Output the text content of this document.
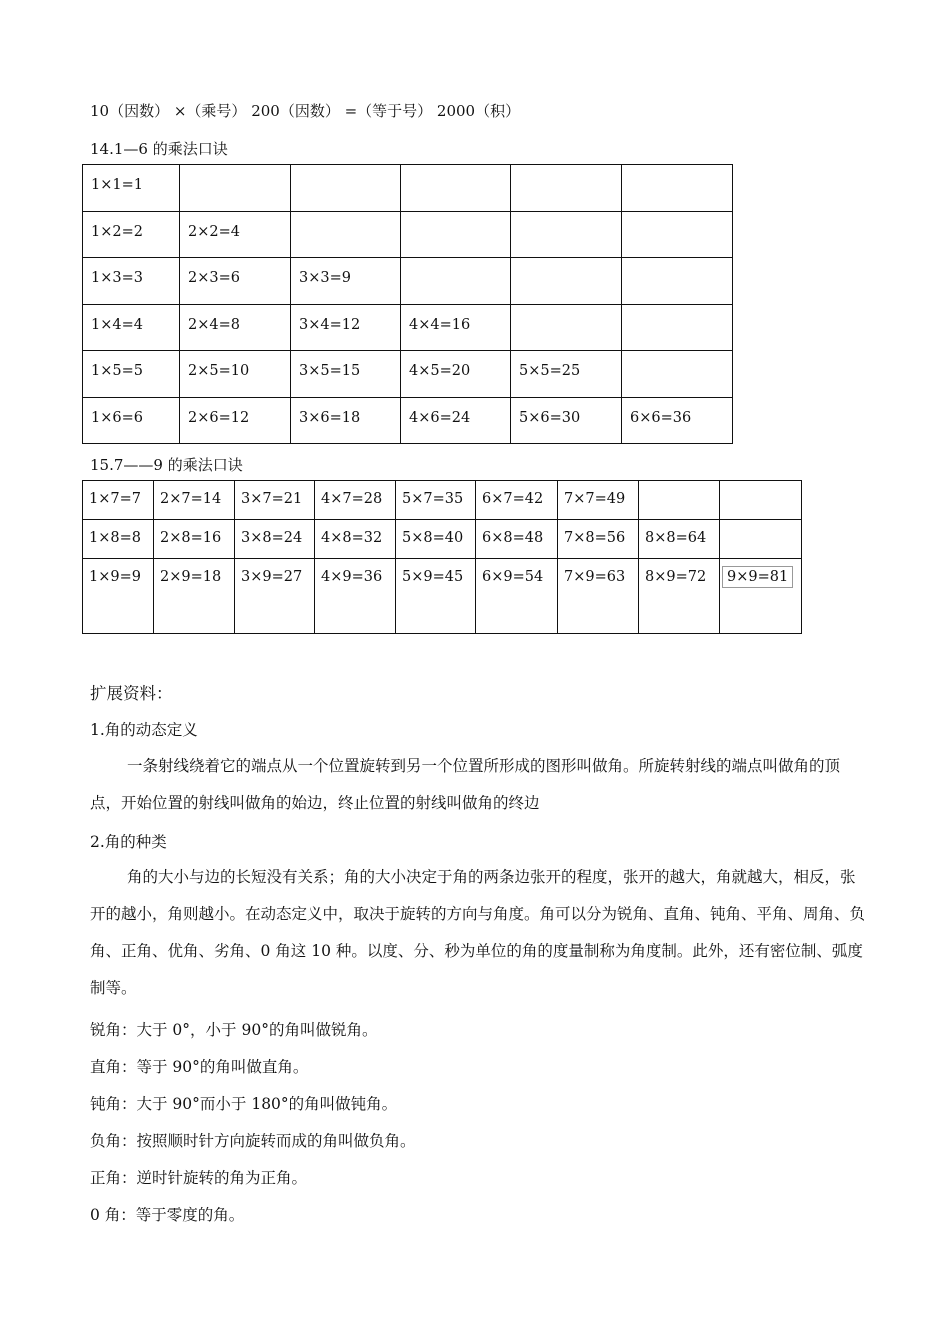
10（因数） ×（乘号） 200（因数） =（等于号） 2000（积）
14.1—6 的乘法口诀
1×1=1					
1×2=2	2×2=4				
1×3=3	2×3=6	3×3=9			
1×4=4	2×4=8	3×4=12	4×4=16		
1×5=5	2×5=10	3×5=15	4×5=20	5×5=25	
1×6=6	2×6=12	3×6=18	4×6=24	5×6=30	6×6=36
15.7——9 的乘法口诀
1×7=7	2×7=14	3×7=21	4×7=28	5×7=35	6×7=42	7×7=49		
1×8=8	2×8=16	3×8=24	4×8=32	5×8=40	6×8=48	7×8=56	8×8=64	
1×9=9	2×9=18	3×9=27	4×9=36	5×9=45	6×9=54	7×9=63	8×9=72	9×9=81
扩展资料：
1.角的动态定义
一条射线绕着它的端点从一个位置旋转到另一个位置所形成的图形叫做角。所旋转射线的端点叫做角的顶点，开始位置的射线叫做角的始边，终止位置的射线叫做角的终边
2.角的种类
角的大小与边的长短没有关系；角的大小决定于角的两条边张开的程度，张开的越大，角就越大，相反，张开的越小，角则越小。在动态定义中，取决于旋转的方向与角度。角可以分为锐角、直角、钝角、平角、周角、负角、正角、优角、劣角、0 角这 10 种。以度、分、秒为单位的角的度量制称为角度制。此外，还有密位制、弧度制等。
锐角：大于 0°，小于 90°的角叫做锐角。
直角：等于 90°的角叫做直角。
钝角：大于 90°而小于 180°的角叫做钝角。
负角：按照顺时针方向旋转而成的角叫做负角。
正角：逆时针旋转的角为正角。
0 角：等于零度的角。
